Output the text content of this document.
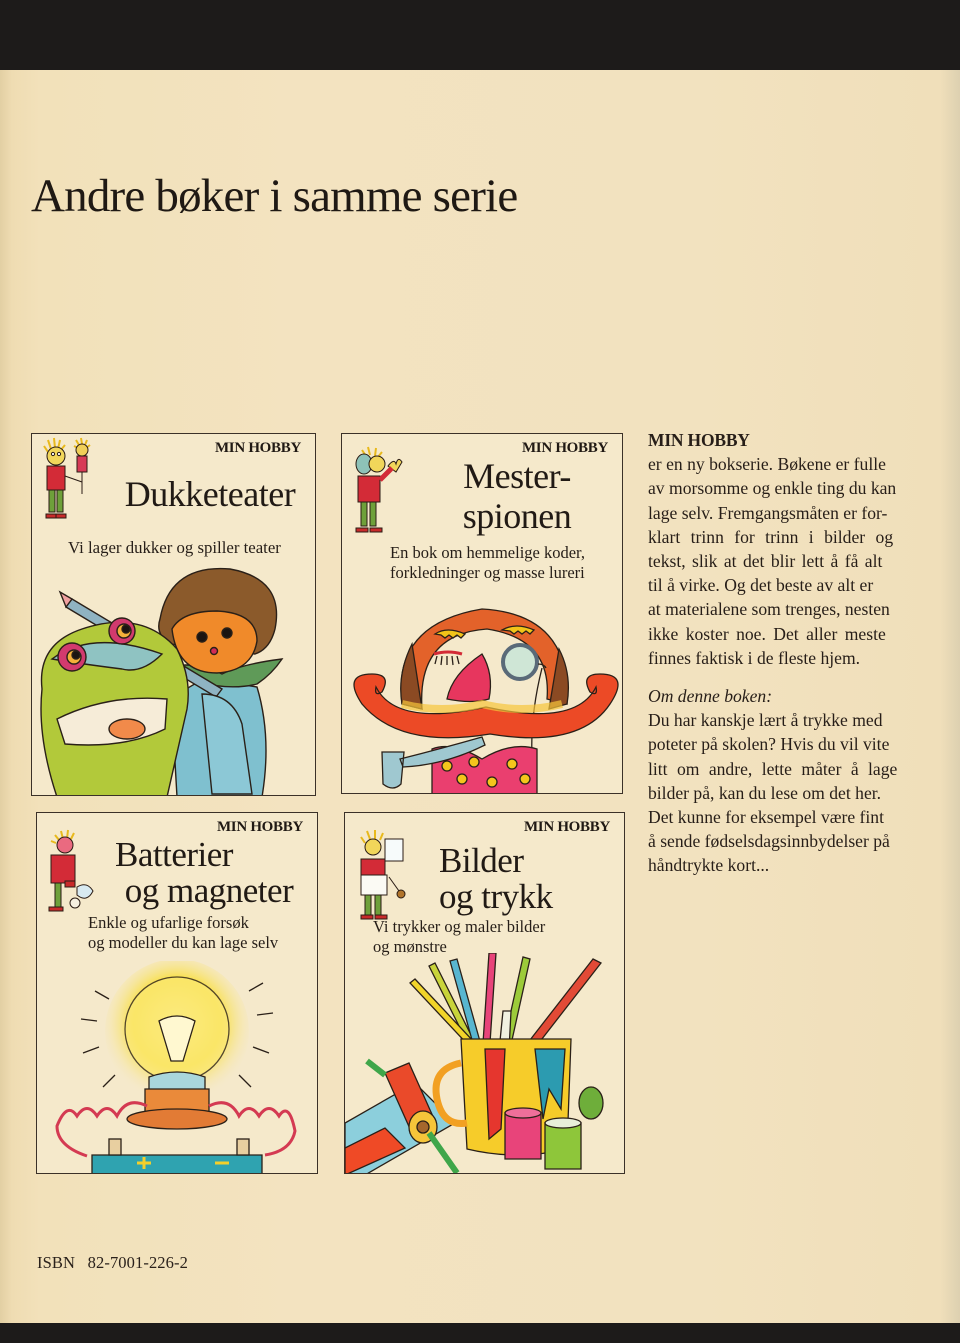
Andre bøker i samme serie
MIN HOBBY
Dukketeater
Vi lager dukker og spiller teater
MIN HOBBY
Mester-
spionen
En bok om hemmelige koder,
forkledninger og masse lureri
MIN HOBBY
Batterier
og magneter
Enkle og ufarlige forsøk
og modeller du kan lage selv
MIN HOBBY
Bilder
og trykk
Vi trykker og maler bilder
og mønstre
MIN HOBBY

er en ny bokserie. Bøkene er fulle

av morsomme og enkle ting du kan

lage selv. Fremgangsmåten er for-

klart trinn for trinn i bilder og

tekst, slik at det blir lett å få alt

til å virke. Og det beste av alt er

at materialene som trenges, nesten

ikke koster noe. Det aller meste

finnes faktisk i de fleste hjem.

Om denne boken:

Du har kanskje lært å trykke med

poteter på skolen? Hvis du vil vite

litt om andre, lette måter å lage

bilder på, kan du lese om det her.

Det kunne for eksempel være fint

å sende fødselsdagsinnbydelser på

håndtrykte kort...

ISBN   82-7001-226-2
